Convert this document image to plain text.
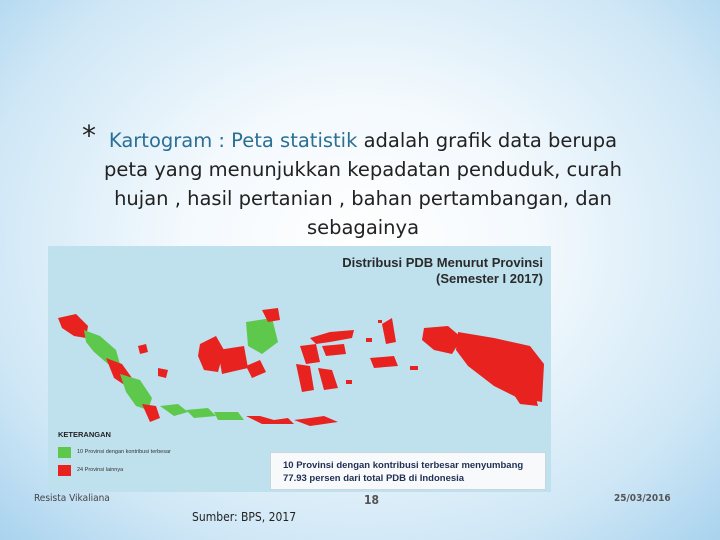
* Kartogram : Peta statistik adalah grafik data berupa
peta yang menunjukkan kepadatan penduduk, curah
hujan , hasil pertanian , bahan pertambangan, dan
sebagainya
Distribusi PDB Menurut Provinsi
(Semester I 2017)
KETERANGAN
10 Provinsi dengan kontribusi terbesar
24 Provinsi lainnya	10 Provinsi dengan kontribusi terbesar menyumbang
77.93 persen dari total PDB di Indonesia
Resista Vikaliana	18	25/03/2016
Sumber: BPS, 2017
